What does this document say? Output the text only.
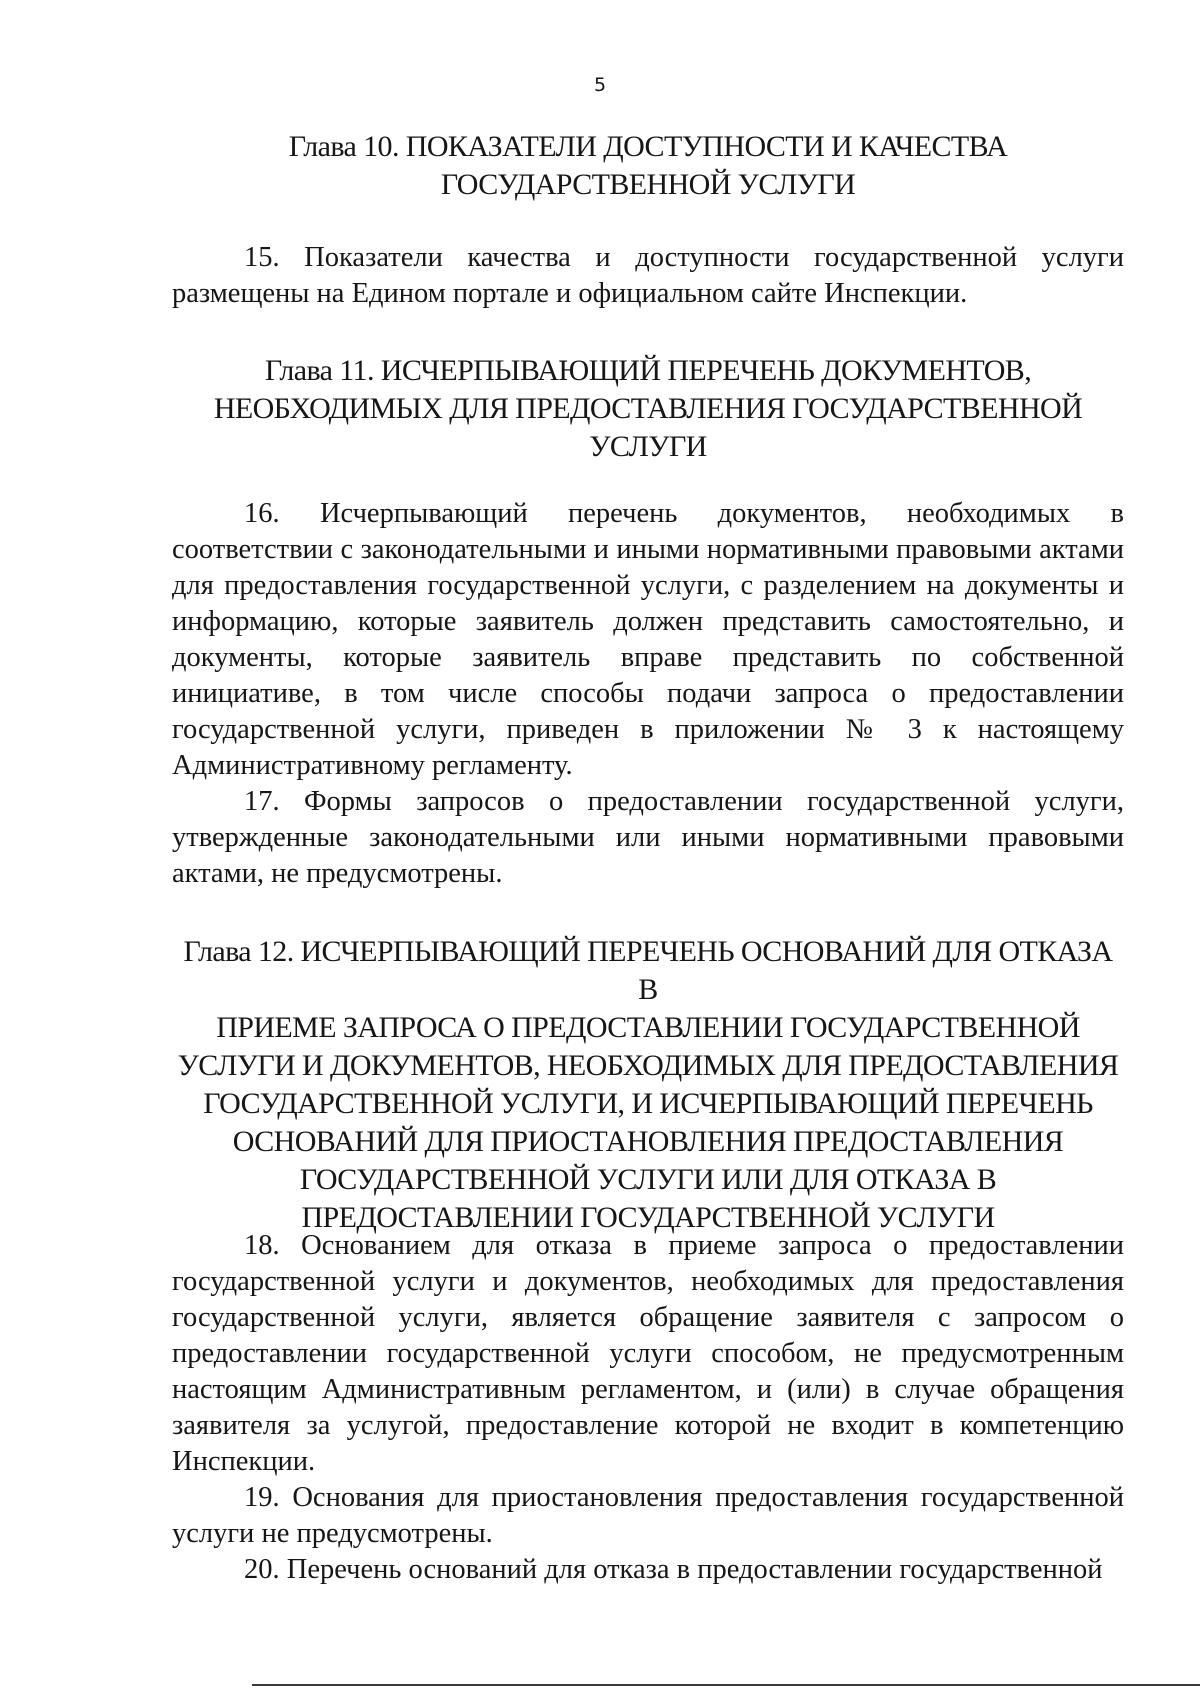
5
Глава 10. ПОКАЗАТЕЛИ ДОСТУПНОСТИ И КАЧЕСТВА
ГОСУДАРСТВЕННОЙ УСЛУГИ

15. Показатели качества и доступности государственной услуги размещены на Едином портале и официальном сайте Инспекции.

Глава 11. ИСЧЕРПЫВАЮЩИЙ ПЕРЕЧЕНЬ ДОКУМЕНТОВ,
НЕОБХОДИМЫХ ДЛЯ ПРЕДОСТАВЛЕНИЯ ГОСУДАРСТВЕННОЙ
УСЛУГИ

16. Исчерпывающий перечень документов, необходимых в соответствии с законодательными и иными нормативными правовыми актами для предоставления государственной услуги, с разделением на документы и информацию, которые заявитель должен представить самостоятельно, и документы, которые заявитель вправе представить по собственной инициативе, в том числе способы подачи запроса о предоставлении государственной услуги, приведен в приложении № 3 к настоящему Административному регламенту.

17. Формы запросов о предоставлении государственной услуги, утвержденные законодательными или иными нормативными правовыми актами, не предусмотрены.

Глава 12. ИСЧЕРПЫВАЮЩИЙ ПЕРЕЧЕНЬ ОСНОВАНИЙ ДЛЯ ОТКАЗА В
ПРИЕМЕ ЗАПРОСА О ПРЕДОСТАВЛЕНИИ ГОСУДАРСТВЕННОЙ
УСЛУГИ И ДОКУМЕНТОВ, НЕОБХОДИМЫХ ДЛЯ ПРЕДОСТАВЛЕНИЯ
ГОСУДАРСТВЕННОЙ УСЛУГИ, И ИСЧЕРПЫВАЮЩИЙ ПЕРЕЧЕНЬ
ОСНОВАНИЙ ДЛЯ ПРИОСТАНОВЛЕНИЯ ПРЕДОСТАВЛЕНИЯ
ГОСУДАРСТВЕННОЙ УСЛУГИ ИЛИ ДЛЯ ОТКАЗА В
ПРЕДОСТАВЛЕНИИ ГОСУДАРСТВЕННОЙ УСЛУГИ

18. Основанием для отказа в приеме запроса о предоставлении государственной услуги и документов, необходимых для предоставления государственной услуги, является обращение заявителя с запросом о предоставлении государственной услуги способом, не предусмотренным настоящим Административным регламентом, и (или) в случае обращения заявителя за услугой, предоставление которой не входит в компетенцию Инспекции.

19. Основания для приостановления предоставления государственной услуги не предусмотрены.

20. Перечень оснований для отказа в предоставлении государственной
